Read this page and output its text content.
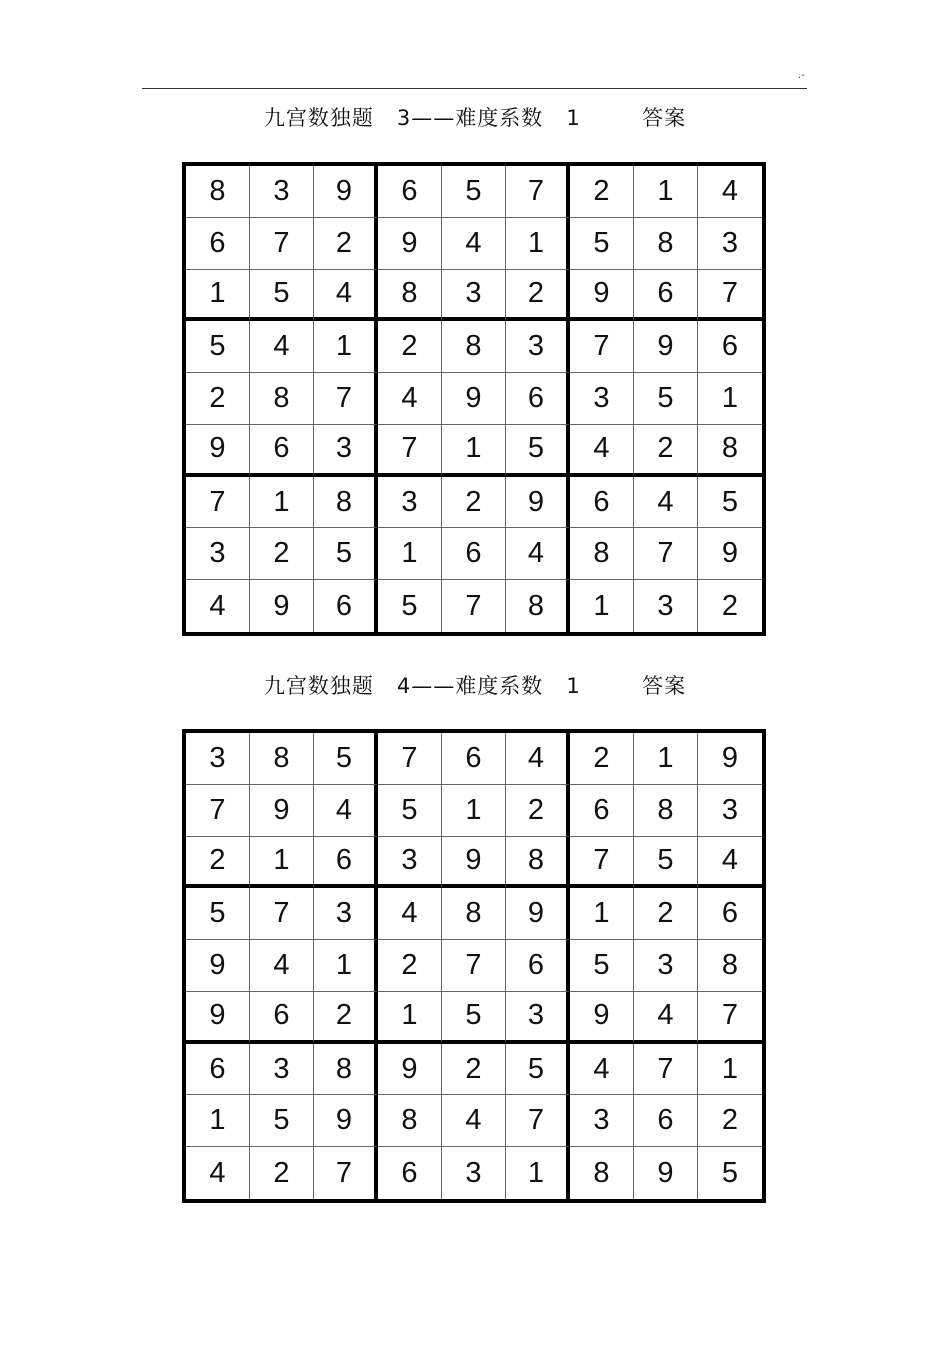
.-
九宫数独题   3——难度系数   1        答案
8	3	9	6	5	7	2	1	4
6	7	2	9	4	1	5	8	3
1	5	4	8	3	2	9	6	7
5	4	1	2	8	3	7	9	6
2	8	7	4	9	6	3	5	1
9	6	3	7	1	5	4	2	8
7	1	8	3	2	9	6	4	5
3	2	5	1	6	4	8	7	9
4	9	6	5	7	8	1	3	2
九宫数独题   4——难度系数   1        答案
3	8	5	7	6	4	2	1	9
7	9	4	5	1	2	6	8	3
2	1	6	3	9	8	7	5	4
5	7	3	4	8	9	1	2	6
9	4	1	2	7	6	5	3	8
9	6	2	1	5	3	9	4	7
6	3	8	9	2	5	4	7	1
1	5	9	8	4	7	3	6	2
4	2	7	6	3	1	8	9	5
